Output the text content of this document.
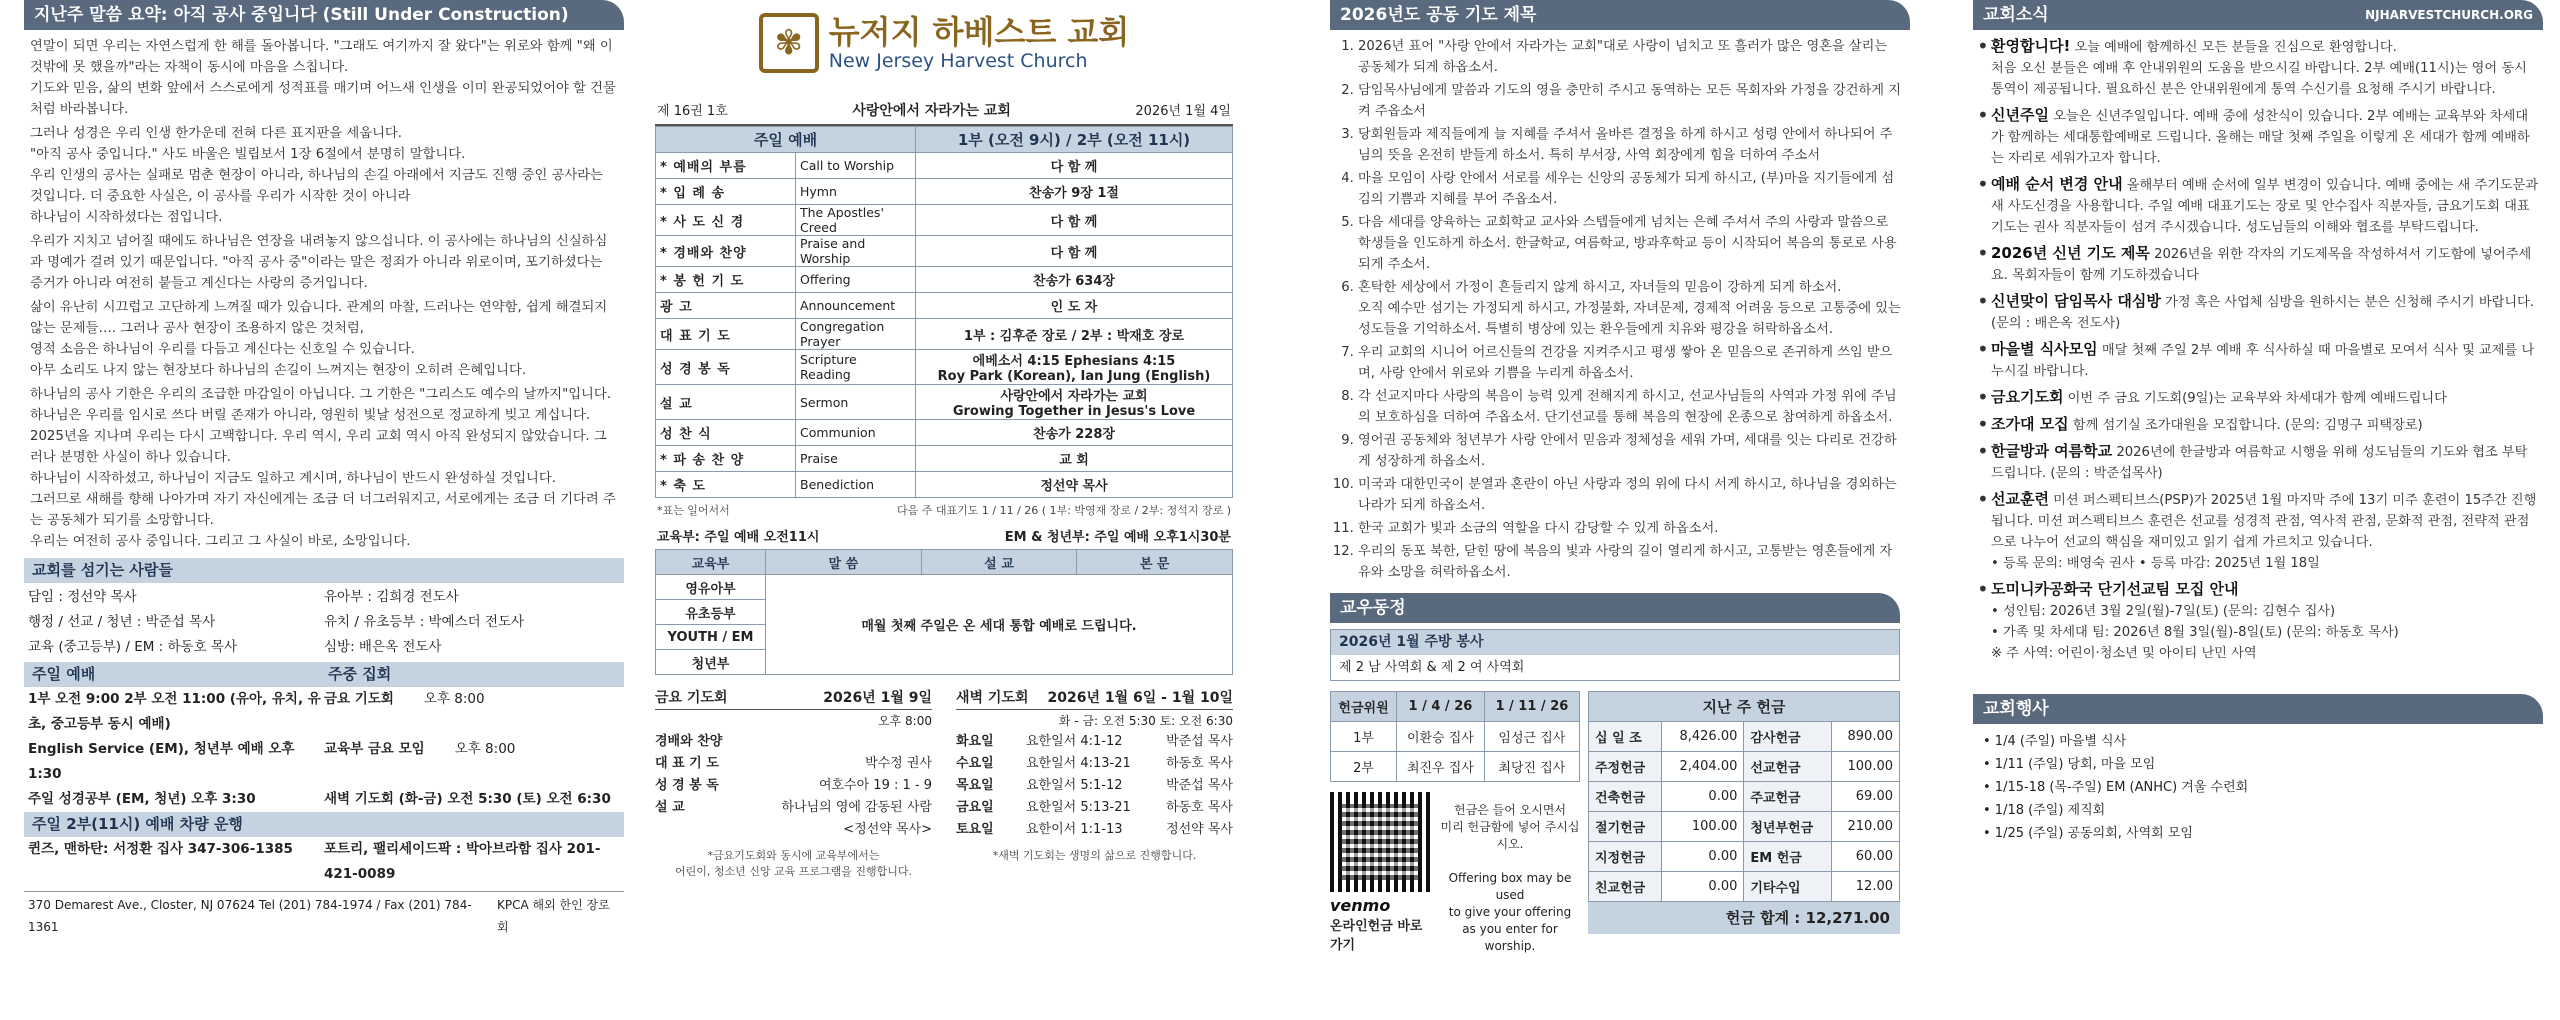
지난주 말씀 요약: 아직 공사 중입니다 (Still Under Construction)
연말이 되면 우리는 자연스럽게 한 해를 돌아봅니다. "그래도 여기까지 잘 왔다"는 위로와 함께 "왜 이것밖에 못 했을까"라는 자책이 동시에 마음을 스칩니다.
기도와 믿음, 삶의 변화 앞에서 스스로에게 성적표를 매기며 어느새 인생을 이미 완공되었어야 할 건물처럼 바라봅니다.
그러나 성경은 우리 인생 한가운데 전혀 다른 표지판을 세웁니다.
"아직 공사 중입니다." 사도 바울은 빌립보서 1장 6절에서 분명히 말합니다.
우리 인생의 공사는 실패로 멈춘 현장이 아니라, 하나님의 손길 아래에서 지금도 진행 중인 공사라는 것입니다. 더 중요한 사실은, 이 공사를 우리가 시작한 것이 아니라
하나님이 시작하셨다는 점입니다.
우리가 지치고 넘어질 때에도 하나님은 연장을 내려놓지 않으십니다. 이 공사에는 하나님의 신실하심과 명예가 걸려 있기 때문입니다. "아직 공사 중"이라는 말은 정죄가 아니라 위로이며, 포기하셨다는 증거가 아니라 여전히 붙들고 계신다는 사랑의 증거입니다.
삶이 유난히 시끄럽고 고단하게 느껴질 때가 있습니다. 관계의 마찰, 드러나는 연약함, 쉽게 해결되지 않는 문제들…. 그러나 공사 현장이 조용하지 않은 것처럼,
영적 소음은 하나님이 우리를 다듬고 계신다는 신호일 수 있습니다.
아무 소리도 나지 않는 현장보다 하나님의 손길이 느껴지는 현장이 오히려 은혜입니다.
하나님의 공사 기한은 우리의 조급한 마감일이 아닙니다. 그 기한은 "그리스도 예수의 날까지"입니다.
하나님은 우리를 임시로 쓰다 버릴 존재가 아니라, 영원히 빛날 성전으로 정교하게 빚고 계십니다.
2025년을 지나며 우리는 다시 고백합니다. 우리 역시, 우리 교회 역시 아직 완성되지 않았습니다. 그러나 분명한 사실이 하나 있습니다.
하나님이 시작하셨고, 하나님이 지금도 일하고 계시며, 하나님이 반드시 완성하실 것입니다.
그러므로 새해를 향해 나아가며 자기 자신에게는 조금 더 너그러워지고, 서로에게는 조금 더 기다려 주는 공동체가 되기를 소망합니다.
우리는 여전히 공사 중입니다. 그리고 그 사실이 바로, 소망입니다.
교회를 섬기는 사람들
담임 : 정선약 목사	유아부 : 김희경 전도사
행정 / 선교 / 청년 : 박준섭 목사	유치 / 유초등부 : 박예스더 전도사
교육 (중고등부) / EM : 하동호 목사	심방: 배은옥 전도사
주일 예배	주중 집회
1부 오전 9:00 2부 오전 11:00 (유아, 유치, 유초, 중고등부 동시 예배)
금요 기도회 오후 8:00
English Service (EM), 청년부 예배 오후 1:30
교육부 금요 모임 오후 8:00
주일 성경공부 (EM, 청년) 오후 3:30	새벽 기도회 (화-금) 오전 5:30 (토) 오전 6:30
주일 2부(11시) 예배 차량 운행
퀸즈, 맨하탄: 서정환 집사 347-306-1385	포트리, 팰리세이드팍 : 박아브라함 집사 201-421-0089
370 Demarest Ave., Closter, NJ 07624 Tel (201) 784-1974 / Fax (201) 784-1361
KPCA 해외 한인 장로회
✾ 뉴저지 하베스트 교회
New Jersey Harvest Church
제 16권 1호	사랑안에서 자라가는 교회	2026년 1월 4일
주일 예배		1부 (오전 9시) / 2부 (오전 11시)
* 예배의 부름	Call to Worship	다 함 께
* 입 례 송	Hymn	찬송가 9장 1절
* 사 도 신 경	The Apostles' Creed	다 함 께
* 경배와 찬양	Praise and Worship	다 함 께
* 봉 헌 기 도	Offering	찬송가 634장
광 고	Announcement	인 도 자
대 표 기 도	Congregation Prayer	1부 : 김후준 장로 / 2부 : 박재호 장로
성 경 봉 독	Scripture Reading	에베소서 4:15 Ephesians 4:15
Roy Park (Korean), Ian Jung (English)
설 교	Sermon	사랑안에서 자라가는 교회
Growing Together in Jesus's Love
성 찬 식	Communion	찬송가 228장
* 파 송 찬 양	Praise	교 회
* 축 도	Benediction	정선약 목사
*표는 일어서서	다음 주 대표기도 1 / 11 / 26 ( 1부: 박영재 장로 / 2부: 정석지 장로 )
교육부: 주일 예배 오전11시	EM & 청년부: 주일 예배 오후1시30분
교육부	말 씀	설 교	본 문
영유아부	매월 첫째 주일은 온 세대 통합 예배로 드립니다.		
유초등부			
YOUTH / EM			
청년부			
금요 기도회	2026년 1월 9일
오후 8:00
경배와 찬양
대 표 기 도	박수정 권사
성 경 봉 독	여호수아 19 : 1 - 9
설 교	하나님의 영에 감동된 사람
<정선약 목사>
*금요기도회와 동시에 교육부에서는
어린이, 청소년 신앙 교육 프로그램을 진행합니다.
새벽 기도회 2026년 1월 6일 - 1월 10일
화 - 금: 오전 5:30 토: 오전 6:30
화요일	요한일서 4:1-12	박준섭 목사
수요일	요한일서 4:13-21	하동호 목사
목요일	요한일서 5:1-12	박준섭 목사
금요일	요한일서 5:13-21	하동호 목사
토요일	요한이서 1:1-13	정선약 목사
*새벽 기도회는 생명의 삶으로 진행합니다.
2026년도 공동 기도 제목
1. 2026년 표어 "사랑 안에서 자라가는 교회"대로 사랑이 넘치고 또 흘러가 많은 영혼을 살리는 공동체가 되게 하옵소서.
2. 담임목사님에게 말씀과 기도의 영을 충만히 주시고 동역하는 모든 목회자와 가정을 강건하게 지켜 주옵소서
3. 당회원들과 제직들에게 늘 지혜를 주셔서 올바른 결정을 하게 하시고 성령 안에서 하나되어 주님의 뜻을 온전히 받들게 하소서. 특히 부서장, 사역 회장에게 힘을 더하여 주소서
4. 마을 모임이 사랑 안에서 서로를 세우는 신앙의 공동체가 되게 하시고, (부)마을 지기들에게 섬김의 기쁨과 지혜를 부어 주옵소서.
5. 다음 세대를 양육하는 교회학교 교사와 스텝들에게 넘치는 은혜 주셔서 주의 사랑과 말씀으로 학생들을 인도하게 하소서. 한글학교, 여름학교, 방과후학교 등이 시작되어 복음의 통로로 사용되게 주소서.
6. 혼탁한 세상에서 가정이 흔들리지 않게 하시고, 자녀들의 믿음이 강하게 되게 하소서.
오직 예수만 섬기는 가정되게 하시고, 가정불화, 자녀문제, 경제적 어려움 등으로 고통중에 있는 성도들을 기억하소서. 특별히 병상에 있는 환우들에게 치유와 평강을 허락하옵소서.
7. 우리 교회의 시니어 어르신들의 건강을 지켜주시고 평생 쌓아 온 믿음으로 존귀하게 쓰임 받으며, 사랑 안에서 위로와 기쁨을 누리게 하옵소서.
8. 각 선교지마다 사랑의 복음이 능력 있게 전해지게 하시고, 선교사님들의 사역과 가정 위에 주님의 보호하심을 더하여 주옵소서. 단기선교를 통해 복음의 현장에 온종으로 참여하게 하옵소서.
9. 영어권 공동체와 청년부가 사랑 안에서 믿음과 정체성을 세워 가며, 세대를 잇는 다리로 건강하게 성장하게 하옵소서.
10. 미국과 대한민국이 분열과 혼란이 아닌 사랑과 정의 위에 다시 서게 하시고, 하나님을 경외하는 나라가 되게 하옵소서.
11. 한국 교회가 빛과 소금의 역할을 다시 감당할 수 있게 하옵소서.
12. 우리의 동포 북한, 닫힌 땅에 복음의 빛과 사랑의 길이 열리게 하시고, 고통받는 영혼들에게 자유와 소망을 허락하옵소서.
교우동정
2026년 1월 주방 봉사
제 2 남 사역회 & 제 2 여 사역회
헌금위원	1 / 4 / 26	1 / 11 / 26
1부	이환승 집사	임성근 집사
2부	최진우 집사	최당진 집사
venmo
온라인헌금 바로가기
헌금은 들어 오시면서
미리 헌금함에 넣어 주시십시오.

Offering box may be used
to give your offering
as you enter for worship.
지난 주 헌금			
십 일 조	8,426.00	감사헌금	890.00
주정헌금	2,404.00	선교헌금	100.00
건축헌금	0.00	주교헌금	69.00
절기헌금	100.00	청년부헌금	210.00
지정헌금	0.00	EM 헌금	60.00
친교헌금	0.00	기타수입	12.00
헌금 합계 : 12,271.00
교회소식	NJHARVESTCHURCH.ORG
• 환영합니다! 오늘 예배에 함께하신 모든 분들을 진심으로 환영합니다.
처음 오신 분들은 예배 후 안내위원의 도움을 받으시길 바랍니다. 2부 예배(11시)는 영어 동시통역이 제공됩니다. 필요하신 분은 안내위원에게 통역 수신기를 요청해 주시기 바랍니다.
• 신년주일 오늘은 신년주일입니다. 예배 중에 성찬식이 있습니다. 2부 예배는 교육부와 차세대가 함께하는 세대통합예배로 드립니다. 올해는 매달 첫째 주일을 이렇게 온 세대가 함께 예배하는 자리로 세워가고자 합니다.
• 예배 순서 변경 안내 올해부터 예배 순서에 일부 변경이 있습니다. 예배 중에는 새 주기도문과 새 사도신경을 사용합니다. 주일 예배 대표기도는 장로 및 안수집사 직분자들, 금요기도회 대표기도는 권사 직분자들이 섬겨 주시겠습니다. 성도님들의 이해와 협조를 부탁드립니다.
• 2026년 신년 기도 제목 2026년을 위한 각자의 기도제목을 작성하셔서 기도함에 넣어주세요. 목회자들이 함께 기도하겠습니다
• 신년맞이 담임목사 대심방 가정 혹은 사업체 심방을 원하시는 분은 신청해 주시기 바랍니다. (문의 : 배은옥 전도사)
• 마을별 식사모임 매달 첫째 주일 2부 예배 후 식사하실 때 마을별로 모여서 식사 및 교제를 나누시길 바랍니다.
• 금요기도회 이번 주 금요 기도회(9일)는 교육부와 차세대가 함께 예배드립니다
• 조가대 모집 함께 섬기실 조가대원을 모집합니다. (문의: 김명구 피택장로)
• 한글방과 여름학교 2026년에 한글방과 여름학교 시행을 위해 성도님들의 기도와 협조 부탁 드립니다. (문의 : 박준섭목사)
• 선교훈련 미션 퍼스펙티브스(PSP)가 2025년 1월 마지막 주에 13기 미주 훈련이 15주간 진행 됩니다. 미션 퍼스펙티브스 훈련은 선교를 성경적 관점, 역사적 관점, 문화적 관점, 전략적 관점으로 나누어 선교의 핵심을 재미있고 읽기 쉽게 가르치고 있습니다.
• 등록 문의: 배영숙 권사 • 등록 마감: 2025년 1월 18일
• 도미니카공화국 단기선교팀 모집 안내
• 성인팀: 2026년 3월 2일(월)-7일(토) (문의: 김현수 집사)
• 가족 및 차세대 팀: 2026년 8월 3일(월)-8일(토) (문의: 하동호 목사)
※ 주 사역: 어린이·청소년 및 아이티 난민 사역
교회행사
• 1/4 (주일) 마을별 식사
• 1/11 (주일) 당회, 마을 모임
• 1/15-18 (목-주일) EM (ANHC) 겨울 수련회
• 1/18 (주일) 제직회
• 1/25 (주일) 공동의회, 사역회 모임
